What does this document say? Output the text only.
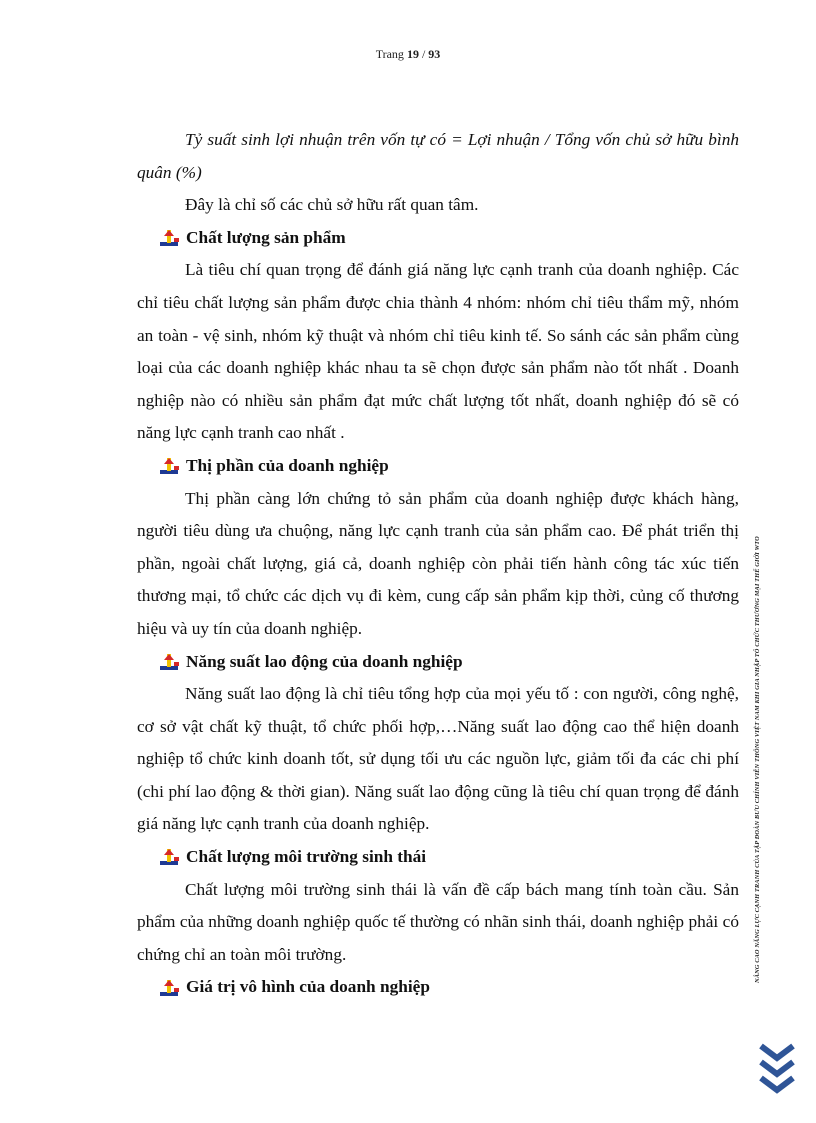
Trang 19 / 93

Tỷ suất sinh lợi nhuận trên vốn tự có = Lợi nhuận / Tổng vốn chủ sở hữu bình quân (%)

Đây là chỉ số các chủ sở hữu rất quan tâm.

Chất lượng sản phẩm

Là tiêu chí quan trọng để đánh giá năng lực cạnh tranh của doanh nghiệp. Các chỉ tiêu chất lượng sản phẩm được chia thành 4 nhóm: nhóm chỉ tiêu thẩm mỹ, nhóm an toàn - vệ sinh, nhóm kỹ thuật và nhóm chỉ tiêu kinh tế. So sánh các sản phẩm cùng loại của các doanh nghiệp khác nhau ta sẽ chọn được sản phẩm nào tốt nhất . Doanh nghiệp nào có nhiều sản phẩm đạt mức chất lượng tốt nhất, doanh nghiệp đó sẽ có năng lực cạnh tranh cao nhất .

Thị phần của doanh nghiệp

Thị phần càng lớn chứng tỏ sản phẩm của doanh nghiệp được khách hàng, người tiêu dùng ưa chuộng, năng lực cạnh tranh của sản phẩm cao. Để phát triển thị phần, ngoài chất lượng, giá cả, doanh nghiệp còn phải tiến hành công tác xúc tiến thương mại, tổ chức các dịch vụ đi kèm, cung cấp sản phẩm kịp thời, củng cố thương hiệu và uy tín của doanh nghiệp.

Năng suất lao động của doanh nghiệp

Năng suất lao động là chỉ tiêu tổng hợp của mọi yếu tố : con người, công nghệ, cơ sở vật chất kỹ thuật, tổ chức phối hợp,…Năng suất lao động cao thể hiện doanh nghiệp tổ chức kinh doanh tốt, sử dụng tối ưu các nguồn lực, giảm tối đa các chi phí (chi phí lao động & thời gian). Năng suất lao động cũng là tiêu chí quan trọng để đánh giá năng lực cạnh tranh của doanh nghiệp.

Chất lượng môi trường sinh thái

Chất lượng môi trường sinh thái là vấn đề cấp bách mang tính toàn cầu. Sản phẩm của những doanh nghiệp quốc tế thường có nhãn sinh thái, doanh nghiệp phải có chứng chỉ an toàn môi trường.

Giá trị vô hình của doanh nghiệp

NÂNG CAO NĂNG LỰC CẠNH TRANH CỦA TẬP ĐOÀN BƯU CHÍNH VIỄN THÔNG VIỆT NAM KHI GIA NHẬP TỔ CHỨC THƯƠNG MẠI THẾ GIỚI WTO
